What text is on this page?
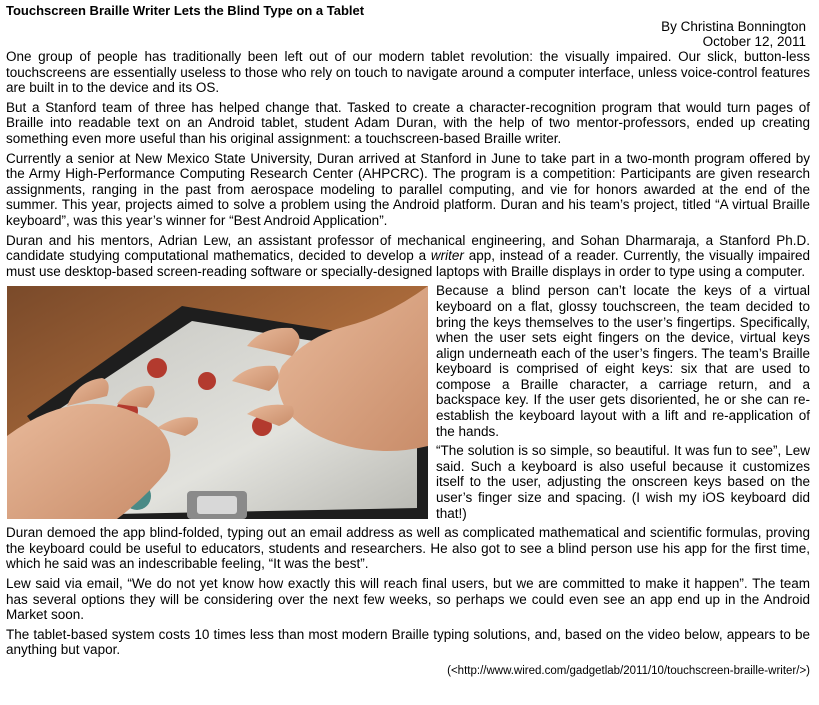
Touchscreen Braille Writer Lets the Blind Type on a Tablet
By Christina Bonnington
October 12, 2011

One group of people has traditionally been left out of our modern tablet revolution: the visually impaired. Our slick, button-less touchscreens are essentially useless to those who rely on touch to navigate around a computer interface, unless voice-control features are built in to the device and its OS.

But a Stanford team of three has helped change that. Tasked to create a character-recognition program that would turn pages of Braille into readable text on an Android tablet, student Adam Duran, with the help of two mentor-professors, ended up creating something even more useful than his original assignment: a touchscreen-based Braille writer.

Currently a senior at New Mexico State University, Duran arrived at Stanford in June to take part in a two-month program offered by the Army High-Performance Computing Research Center (AHPCRC). The program is a competition: Participants are given research assignments, ranging in the past from aerospace modeling to parallel computing, and vie for honors awarded at the end of the summer. This year, projects aimed to solve a problem using the Android platform. Duran and his team’s project, titled “A virtual Braille keyboard”, was this year’s winner for “Best Android Application”.

Duran and his mentors, Adrian Lew, an assistant professor of mechanical engineering, and Sohan Dharmaraja, a Stanford Ph.D. candidate studying computational mathematics, decided to develop a writer app, instead of a reader. Currently, the visually impaired must use desktop-based screen-reading software or specially-designed laptops with Braille displays in order to type using a computer.

Because a blind person can’t locate the keys of a virtual keyboard on a flat, glossy touchscreen, the team decided to bring the keys themselves to the user’s fingertips. Specifically, when the user sets eight fingers on the device, virtual keys align underneath each of the user’s fingers. The team’s Braille keyboard is comprised of eight keys: six that are used to compose a Braille character, a carriage return, and a backspace key. If the user gets disoriented, he or she can re-establish the keyboard layout with a lift and re-application of the hands.

“The solution is so simple, so beautiful. It was fun to see”, Lew said. Such a keyboard is also useful because it customizes itself to the user, adjusting the onscreen keys based on the user’s finger size and spacing. (I wish my iOS keyboard did that!)

Duran demoed the app blind-folded, typing out an email address as well as complicated mathematical and scientific formulas, proving the keyboard could be useful to educators, students and researchers. He also got to see a blind person use his app for the first time, which he said was an indescribable feeling, “It was the best”.

Lew said via email, “We do not yet know how exactly this will reach final users, but we are committed to make it happen”. The team has several options they will be considering over the next few weeks, so perhaps we could even see an app end up in the Android Market soon.

The tablet-based system costs 10 times less than most modern Braille typing solutions, and, based on the video below, appears to be anything but vapor.

(<http://www.wired.com/gadgetlab/2011/10/touchscreen-braille-writer/>)
